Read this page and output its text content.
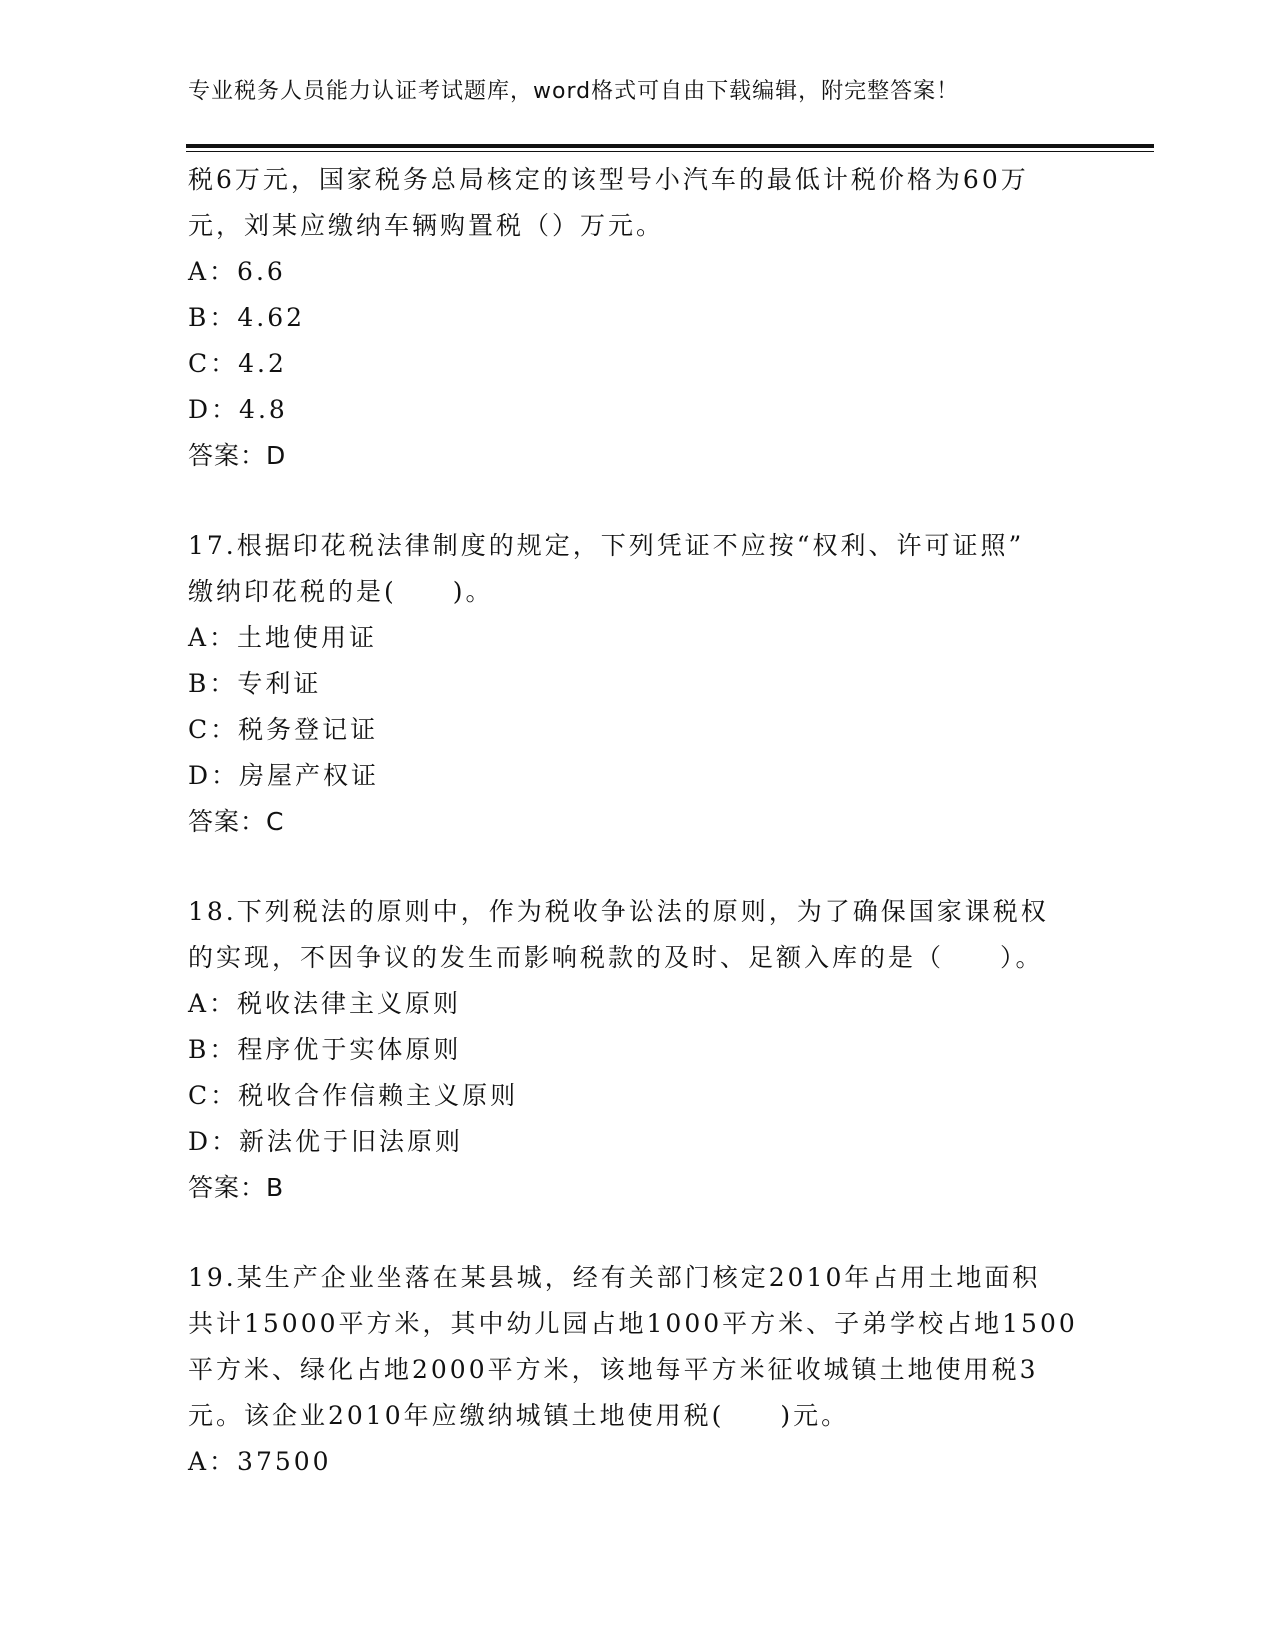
专业税务人员能力认证考试题库，word格式可自由下载编辑，附完整答案！

税6万元，国家税务总局核定的该型号小汽车的最低计税价格为60万

元，刘某应缴纳车辆购置税（）万元。

A：6.6

B：4.62

C：4.2

D：4.8

答案：D

17.根据印花税法律制度的规定，下列凭证不应按“权利、许可证照”

缴纳印花税的是(　　)。

A：土地使用证

B：专利证

C：税务登记证

D：房屋产权证

答案：C

18.下列税法的原则中，作为税收争讼法的原则，为了确保国家课税权

的实现，不因争议的发生而影响税款的及时、足额入库的是（　　）。

A：税收法律主义原则

B：程序优于实体原则

C：税收合作信赖主义原则

D：新法优于旧法原则

答案：B

19.某生产企业坐落在某县城，经有关部门核定2010年占用土地面积

共计15000平方米，其中幼儿园占地1000平方米、子弟学校占地1500

平方米、绿化占地2000平方米，该地每平方米征收城镇土地使用税3

元。该企业2010年应缴纳城镇土地使用税(　　)元。

A：37500
